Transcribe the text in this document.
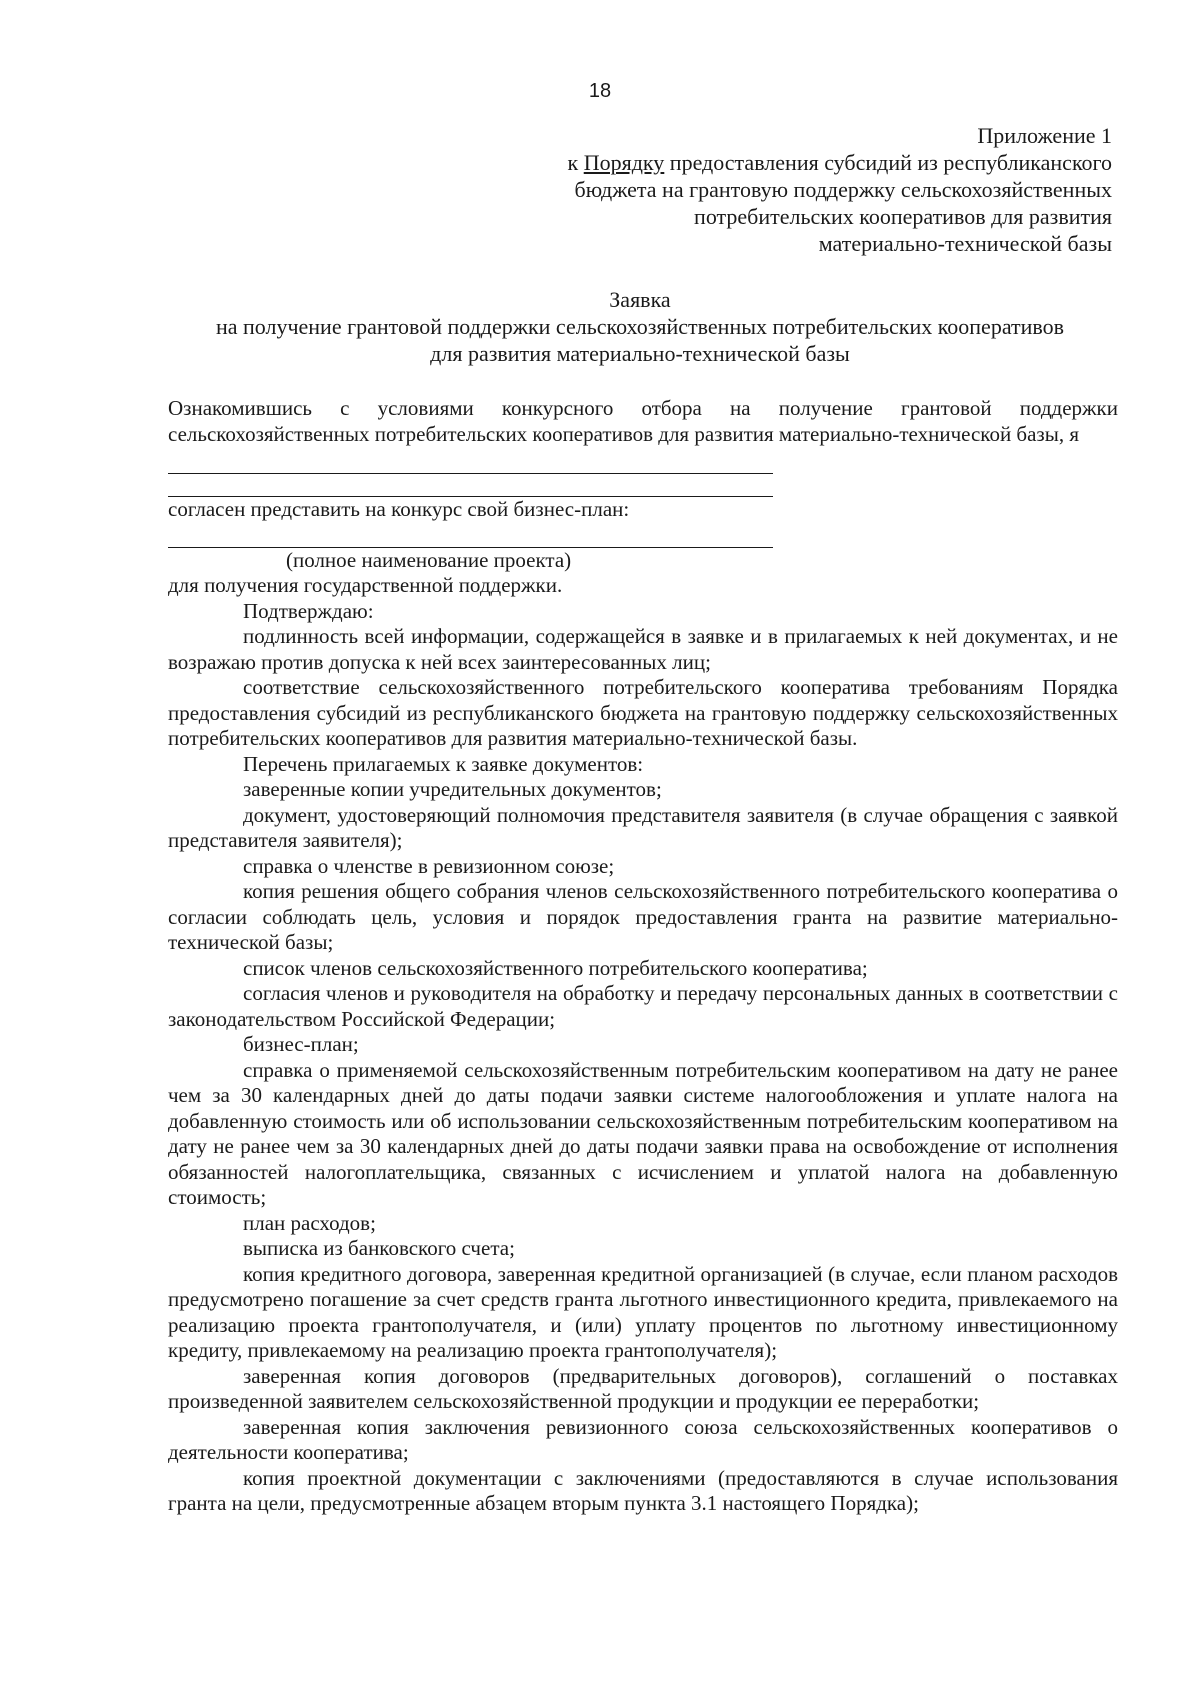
18
Приложение 1
к Порядку предоставления субсидий из республиканского
бюджета на грантовую поддержку сельскохозяйственных
потребительских кооперативов для развития
материально-технической базы
Заявка
на получение грантовой поддержки сельскохозяйственных потребительских кооперативов
для развития материально-технической базы

Ознакомившись с условиями конкурсного отбора на получение грантовой поддержки сельскохозяйственных потребительских кооперативов для развития материально-технической базы, я

согласен представить на конкурс свой бизнес-план:

(полное наименование проекта)

для получения государственной поддержки.

Подтверждаю:

подлинность всей информации, содержащейся в заявке и в прилагаемых к ней документах, и не возражаю против допуска к ней всех заинтересованных лиц;

соответствие сельскохозяйственного потребительского кооператива требованиям Порядка предоставления субсидий из республиканского бюджета на грантовую поддержку сельскохозяйственных потребительских кооперативов для развития материально-технической базы.

Перечень прилагаемых к заявке документов:

заверенные копии учредительных документов;

документ, удостоверяющий полномочия представителя заявителя (в случае обращения с заявкой представителя заявителя);

справка о членстве в ревизионном союзе;

копия решения общего собрания членов сельскохозяйственного потребительского кооператива о согласии соблюдать цель, условия и порядок предоставления гранта на развитие материально-технической базы;

список членов сельскохозяйственного потребительского кооператива;

согласия членов и руководителя на обработку и передачу персональных данных в соответствии с законодательством Российской Федерации;

бизнес-план;

справка о применяемой сельскохозяйственным потребительским кооперативом на дату не ранее чем за 30 календарных дней до даты подачи заявки системе налогообложения и уплате налога на добавленную стоимость или об использовании сельскохозяйственным потребительским кооперативом на дату не ранее чем за 30 календарных дней до даты подачи заявки права на освобождение от исполнения обязанностей налогоплательщика, связанных с исчислением и уплатой налога на добавленную стоимость;

план расходов;

выписка из банковского счета;

копия кредитного договора, заверенная кредитной организацией (в случае, если планом расходов предусмотрено погашение за счет средств гранта льготного инвестиционного кредита, привлекаемого на реализацию проекта грантополучателя, и (или) уплату процентов по льготному инвестиционному кредиту, привлекаемому на реализацию проекта грантополучателя);

заверенная копия договоров (предварительных договоров), соглашений о поставках произведенной заявителем сельскохозяйственной продукции и продукции ее переработки;

заверенная копия заключения ревизионного союза сельскохозяйственных кооперативов о деятельности кооператива;

копия проектной документации с заключениями (предоставляются в случае использования гранта на цели, предусмотренные абзацем вторым пункта 3.1 настоящего Порядка);
